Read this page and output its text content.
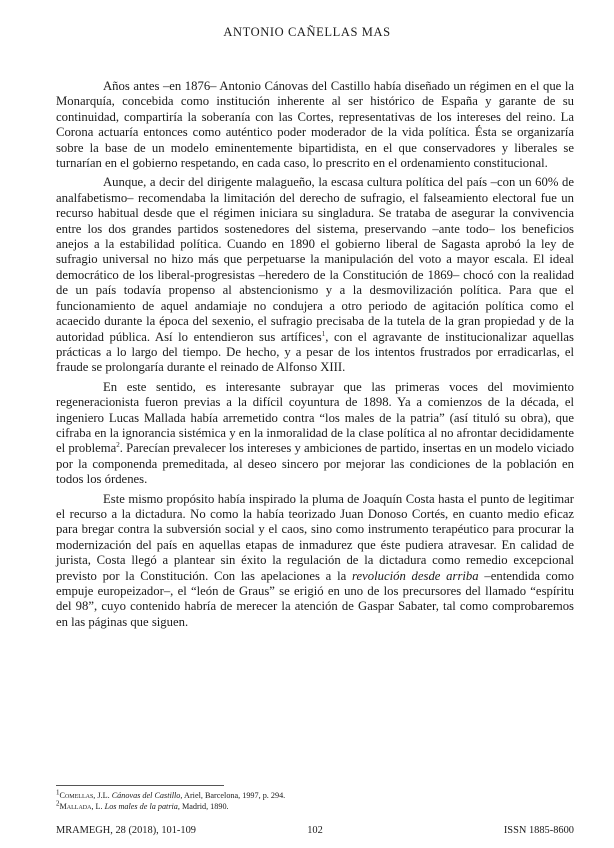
ANTONIO CAÑELLAS MAS

Años antes –en 1876– Antonio Cánovas del Castillo había diseñado un régimen en el que la Monarquía, concebida como institución inherente al ser histórico de España y garante de su continuidad, compartiría la soberanía con las Cortes, representativas de los intereses del reino. La Corona actuaría entonces como auténtico poder moderador de la vida política. Ésta se organizaría sobre la base de un modelo eminentemente bipartidista, en el que conservadores y liberales se turnarían en el gobierno respetando, en cada caso, lo prescrito en el ordenamiento constitucional.

Aunque, a decir del dirigente malagueño, la escasa cultura política del país –con un 60% de analfabetismo– recomendaba la limitación del derecho de sufragio, el falseamiento electoral fue un recurso habitual desde que el régimen iniciara su singladura. Se trataba de asegurar la convivencia entre los dos grandes partidos sostenedores del sistema, preservando –ante todo– los beneficios anejos a la estabilidad política. Cuando en 1890 el gobierno liberal de Sagasta aprobó la ley de sufragio universal no hizo más que perpetuarse la manipulación del voto a mayor escala. El ideal democrático de los liberal-progresistas –heredero de la Constitución de 1869– chocó con la realidad de un país todavía propenso al abstencionismo y a la desmovilización política. Para que el funcionamiento de aquel andamiaje no condujera a otro periodo de agitación política como el acaecido durante la época del sexenio, el sufragio precisaba de la tutela de la gran propiedad y de la autoridad pública. Así lo entendieron sus artífices$^1$, con el agravante de institucionalizar aquellas prácticas a lo largo del tiempo. De hecho, y a pesar de los intentos frustrados por erradicarlas, el fraude se prolongaría durante el reinado de Alfonso XIII.

En este sentido, es interesante subrayar que las primeras voces del movimiento regeneracionista fueron previas a la difícil coyuntura de 1898. Ya a comienzos de la década, el ingeniero Lucas Mallada había arremetido contra “los males de la patria” (así tituló su obra), que cifraba en la ignorancia sistémica y en la inmoralidad de la clase política al no afrontar decididamente el problema$^2$. Parecían prevalecer los intereses y ambiciones de partido, insertas en un modelo viciado por la componenda premeditada, al deseo sincero por mejorar las condiciones de la población en todos los órdenes.

Este mismo propósito había inspirado la pluma de Joaquín Costa hasta el punto de legitimar el recurso a la dictadura. No como la había teorizado Juan Donoso Cortés, en cuanto medio eficaz para bregar contra la subversión social y el caos, sino como instrumento terapéutico para procurar la modernización del país en aquellas etapas de inmadurez que éste pudiera atravesar. En calidad de jurista, Costa llegó a plantear sin éxito la regulación de la dictadura como remedio excepcional previsto por la Constitución. Con las apelaciones a la revolución desde arriba –entendida como empuje europeizador–, el “león de Graus” se erigió en uno de los precursores del llamado “espíritu del 98”, cuyo contenido habría de merecer la atención de Gaspar Sabater, tal como comprobaremos en las páginas que siguen.

$^1$Comellas, J.L. Cánovas del Castillo, Ariel, Barcelona, 1997, p. 294.

$^2$Mallada, L. Los males de la patria, Madrid, 1890.

MRAMEGH, 28 (2018), 101-109	102	ISSN 1885-8600
